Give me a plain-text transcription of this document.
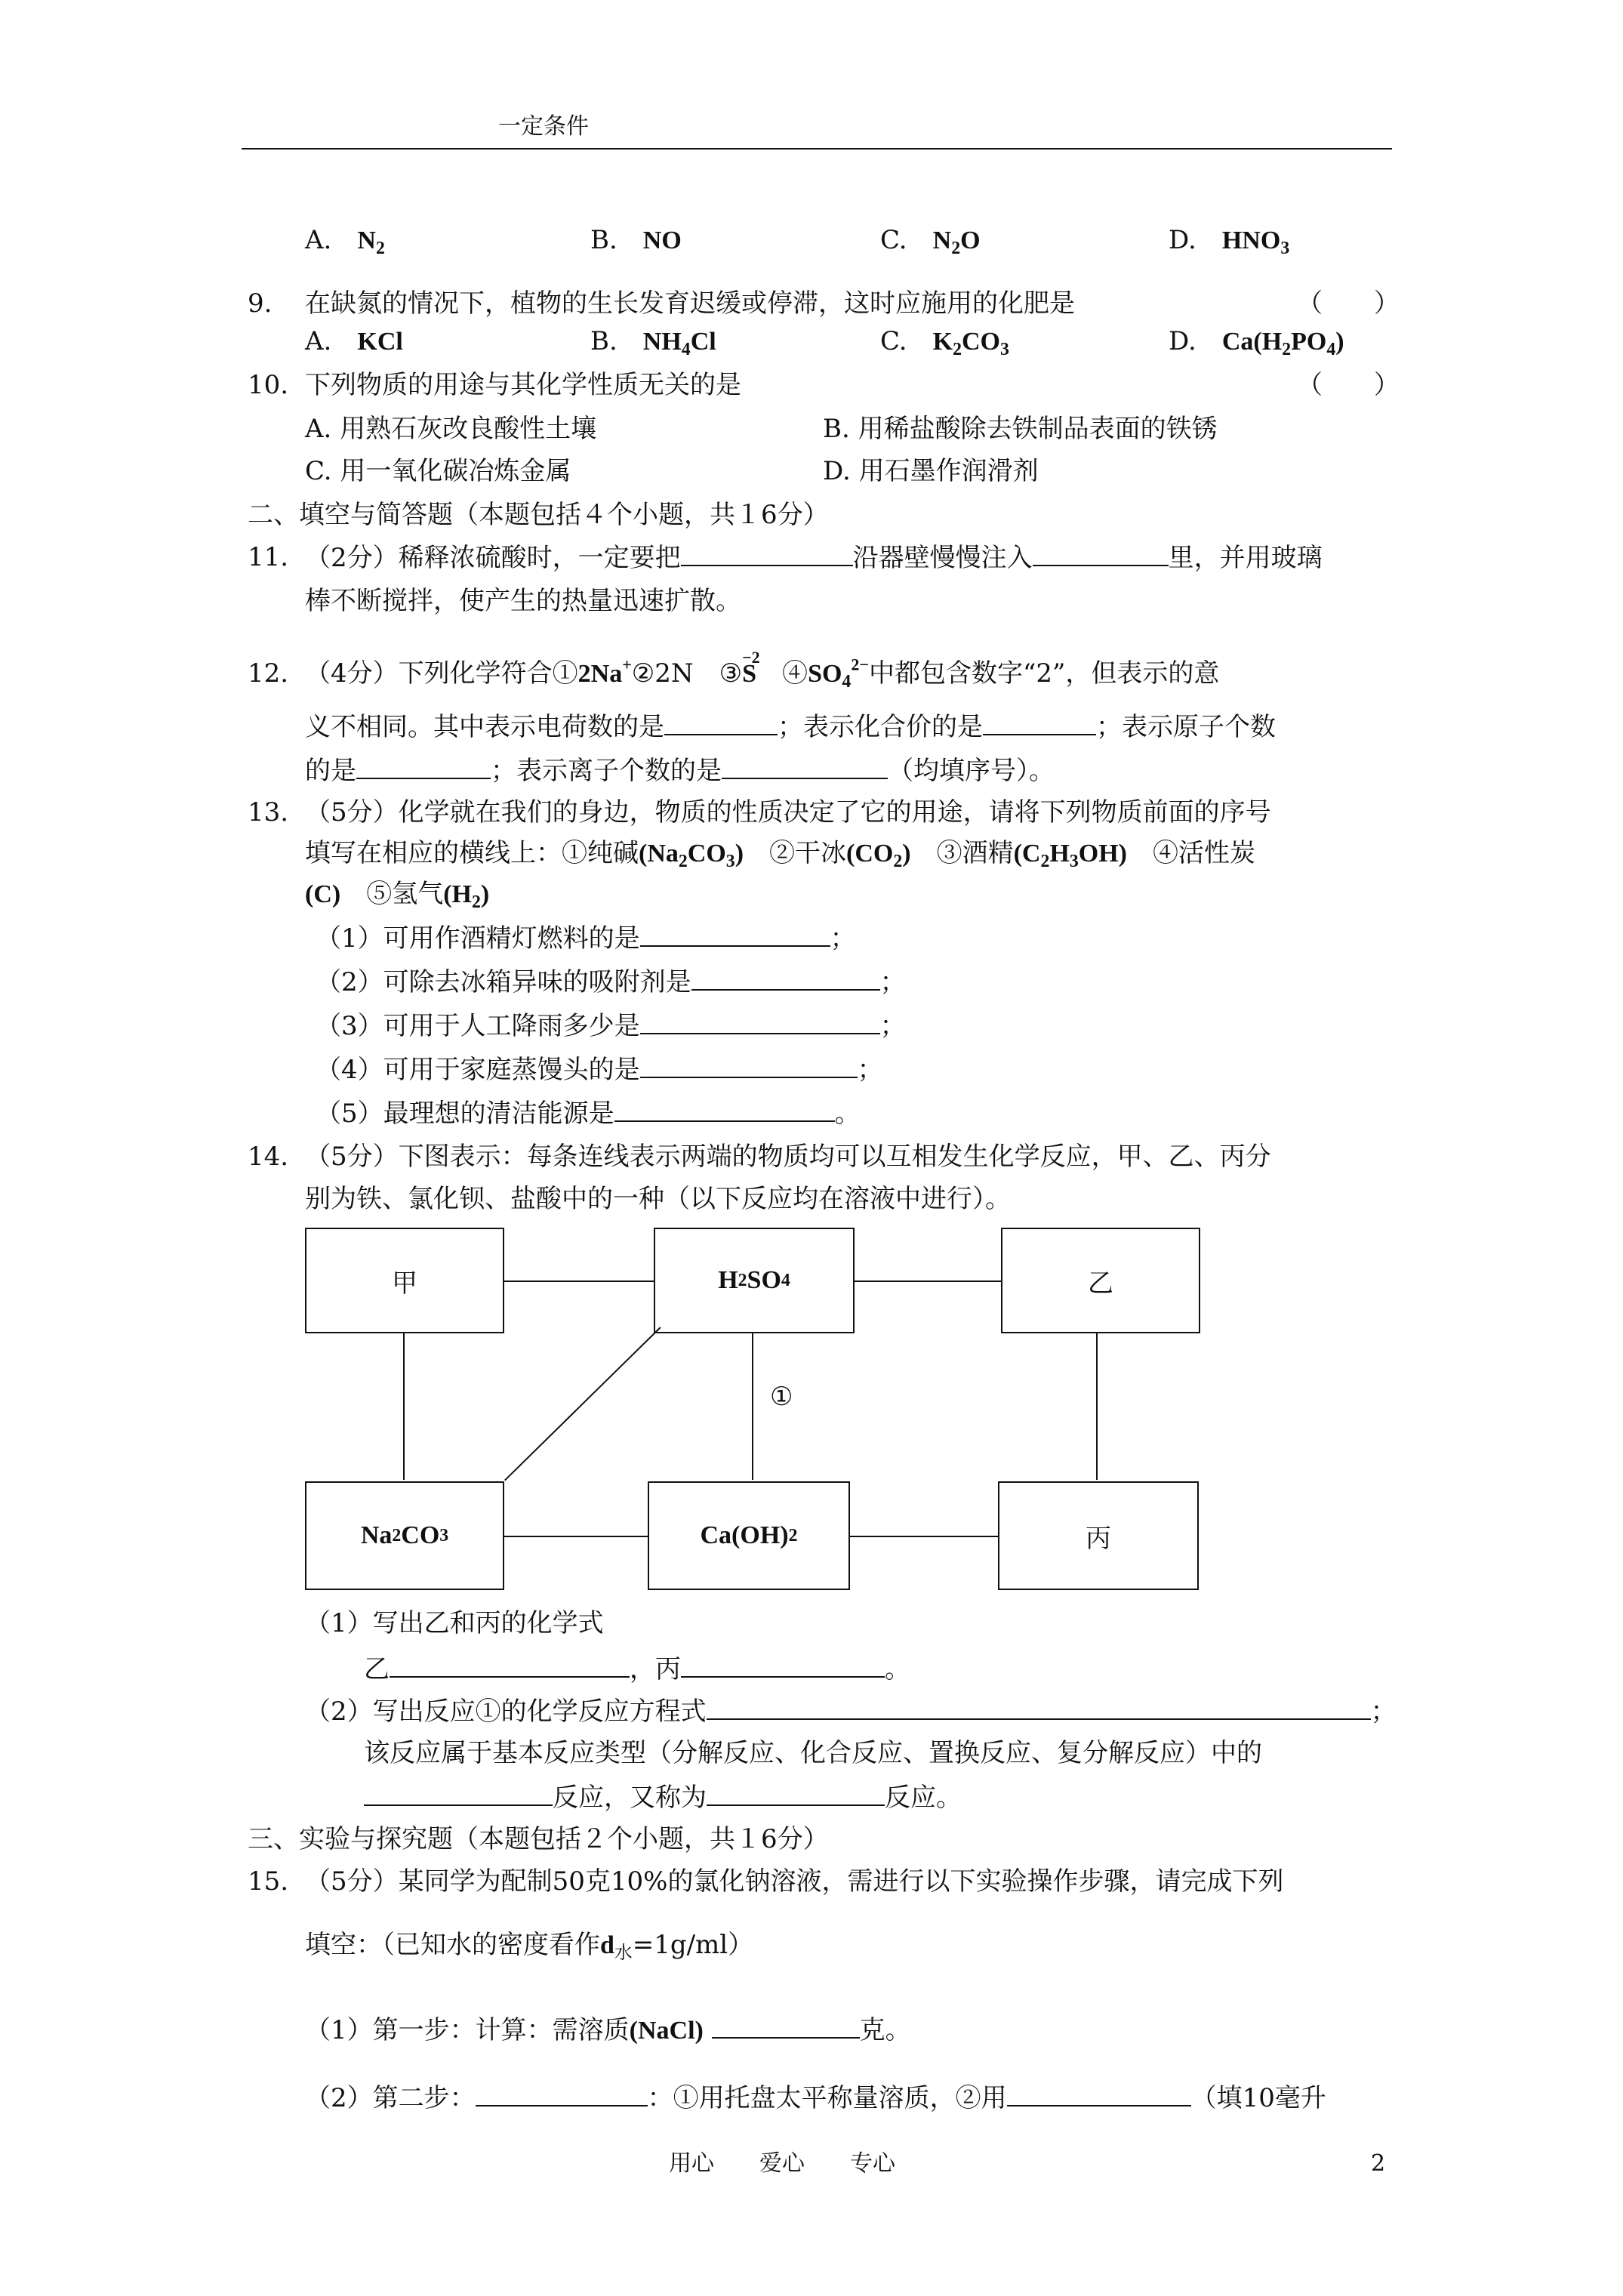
一定条件
A.　 $N_2$	B.　 NO	C.　 $N_2O$	D.　 $HNO_3$
9. 在缺氮的情况下，植物的生长发育迟缓或停滞，这时应施用的化肥是	（　　）
A.　 KCl	B.　 $NH_4Cl$	C.　 $K_2CO_3$	D.　 $Ca(H_2PO_4)$
10. 下列物质的用途与其化学性质无关的是	（　　）
A. 用熟石灰改良酸性土壤	B. 用稀盐酸除去铁制品表面的铁锈
C. 用一氧化碳冶炼金属	D. 用石墨作润滑剂
二、填空与简答题（本题包括４个小题，共１6分）
11. （2分）稀释浓硫酸时，一定要把	沿器壁慢慢注入	里，并用玻璃
棒不断搅拌，使产生的热量迅速扩散。
12. （4分）下列化学符合①2Na+②2N　③
−2
S　$④SO_4^{2-}$中都包含数字“2”，但表示的意
义不相同。其中表示电荷数的是	；表示化合价的是	；表示原子个数
的是	；表示离子个数的是	（均填序号）。
13. （5分）化学就在我们的身边，物质的性质决定了它的用途，请将下列物质前面的序号
填写在相应的横线上：①纯碱$(Na_2CO_3)$　②干冰$(CO_2)$　③酒精$(C_2H_3OH)$　④活性炭
(C)　⑤氢气$(H_2)$
（1）可用作酒精灯燃料的是	；
（2）可除去冰箱异味的吸附剂是	；
（3）可用于人工降雨多少是	；
（4）可用于家庭蒸馒头的是	；
（5）最理想的清洁能源是	。
14. （5分）下图表示：每条连线表示两端的物质均可以互相发生化学反应，甲、乙、丙分
别为铁、氯化钡、盐酸中的一种（以下反应均在溶液中进行）。
①
甲	H 2 SO 4	乙
Na 2 CO 3	Ca(OH) 2	丙
（1）写出乙和丙的化学式
乙	，丙	。
（2）写出反应①的化学反应方程式	；
该反应属于基本反应类型（分解反应、化合反应、置换反应、复分解反应）中的
反应，又称为	反应。
三、实验与探究题（本题包括２个小题，共１6分）
15. （5分）某同学为配制50克10%的氯化钠溶液，需进行以下实验操作步骤，请完成下列
填空：（已知水的密度看作$d_水=1g/ml$）
（1）第一步：计算：需溶质(NaCl)	克。
（2）第二步：	：①用托盘太平称量溶质，②用	（填10毫升
用心　　爱心　　专心	2
